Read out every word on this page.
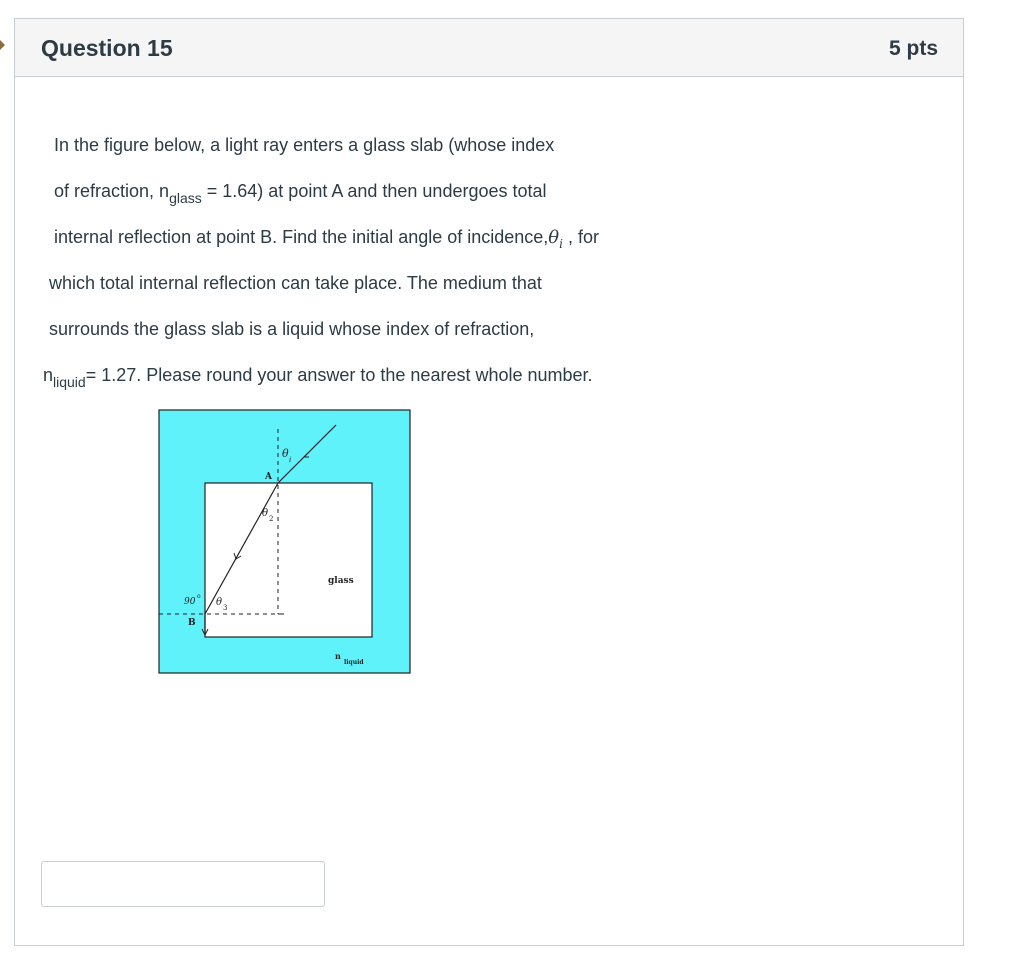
Question 15	5 pts
In the figure below, a light ray enters a glass slab (whose index
of refraction, $n_{glass} = 1.64$) at point A and then undergoes total
internal reflection at point B. Find the initial angle of $incidence,\theta_i$ , for
which total internal reflection can take place. The medium that
surrounds the glass slab is a liquid whose index of refraction,
$n_{liquid}= 1.27$. Please round your answer to the nearest whole number.
A
B
θ i
θ 2
θ 3
90
o
glass
n
liquid
